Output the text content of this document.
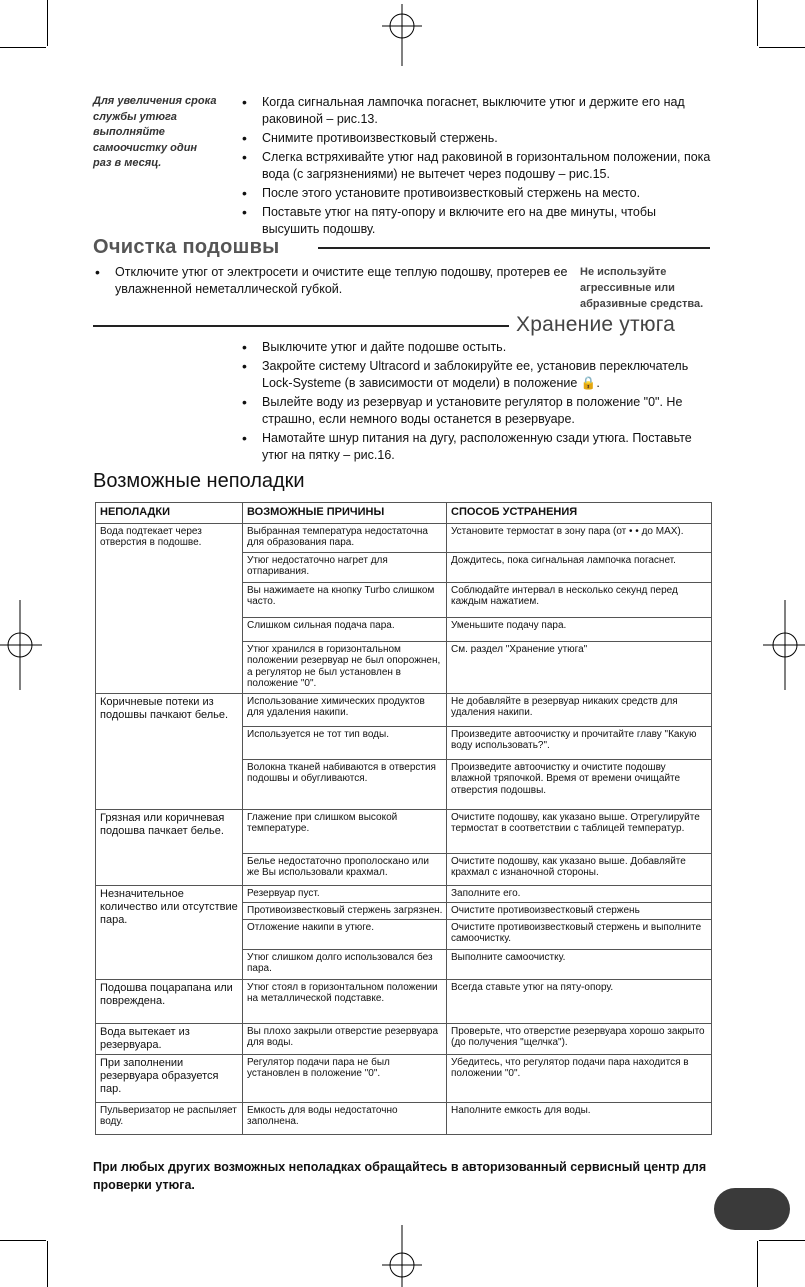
Для увеличения срока
службы утюга
выполняйте
самоочистку один
раз в месяц.
• Когда сигнальная лампочка погаснет, выключите утюг и держите его над раковиной – рис.13.
• Снимите противоизвестковый стержень.
• Слегка встряхивайте утюг над раковиной в горизонтальном положении, пока вода (с загрязнениями) не вытечет через подошву – рис.15.
• После этого установите противоизвестковый стержень на место.
• Поставьте утюг на пяту-опору и включите его на две минуты, чтобы высушить подошву.
Очистка подошвы
• Отключите утюг от электросети и очистите еще теплую подошву, протерев ее увлажненной неметаллической губкой.
Не используйте
агрессивные или
абразивные средства.
Хранение утюга
• Выключите утюг и дайте подошве остыть.
• Закройте систему Ultracord и заблокируйте ее, установив переключатель Lock-Systeme (в зависимости от модели) в положение 🔒.
• Вылейте воду из резервуар и установите регулятор в положение "0". Не страшно, если немного воды останется в резервуаре.
• Намотайте шнур питания на дугу, расположенную сзади утюга. Поставьте утюг на пятку – рис.16.
Возможные неполадки
НЕПОЛАДКИ	ВОЗМОЖНЫЕ ПРИЧИНЫ	СПОСОБ УСТРАНЕНИЯ
Вода подтекает через отверстия в подошве.	Выбранная температура недостаточна для образования пара.	Установите термостат в зону пара (от • • до MAX).
	Утюг недостаточно нагрет для отпаривания.	Дождитесь, пока сигнальная лампочка погаснет.
	Вы нажимаете на кнопку Turbo слишком часто.	Соблюдайте интервал в несколько секунд перед каждым нажатием.
	Слишком сильная подача пара.	Уменьшите подачу пара.
	Утюг хранился в горизонтальном положении резервуар не был опорожнен, а регулятор не был установлен в положение "0".	См. раздел "Хранение утюга"
Коричневые потеки из подошвы пачкают белье.	Использование химических продуктов для удаления накипи.	Не добавляйте в резервуар никаких средств для удаления накипи.
	Используется не тот тип воды.	Произведите автоочистку и прочитайте главу "Какую воду использовать?".
	Волокна тканей набиваются в отверстия подошвы и обугливаются.	Произведите автоочистку и очистите подошву влажной тряпочкой. Время от времени очищайте отверстия подошвы.
Грязная или коричневая подошва пачкает белье.	Глажение при слишком высокой температуре.	Очистите подошву, как указано выше. Отрегулируйте термостат в соответствии с таблицей температур.
	Белье недостаточно прополоскано или же Вы использовали крахмал.	Очистите подошву, как указано выше. Добавляйте крахмал с изнаночной стороны.
Незначительное количество или отсутствие пара.	Резервуар пуст.	Заполните его.
	Противоизвестковый стержень загрязнен.	Очистите противоизвестковый стержень
	Отложение накипи в утюге.	Очистите противоизвестковый стержень и выполните самоочистку.
	Утюг слишком долго использовался без пара.	Выполните самоочистку.
Подошва поцарапана или повреждена.	Утюг стоял в горизонтальном положении на металлической подставке.	Всегда ставьте утюг на пяту-опору.
Вода вытекает из резервуара.	Вы плохо закрыли отверстие резервуара для воды.	Проверьте, что отверстие резервуара хорошо закрыто (до получения "щелчка").
При заполнении резервуара образуется пар.	Регулятор подачи пара не был установлен в положение "0".	Убедитесь, что регулятор подачи пара находится в положении "0".
Пульверизатор не распыляет воду.	Емкость для воды недостаточно заполнена.	Наполните емкость для воды.
При любых других возможных неполадках обращайтесь в авторизованный сервисный центр для проверки утюга.
